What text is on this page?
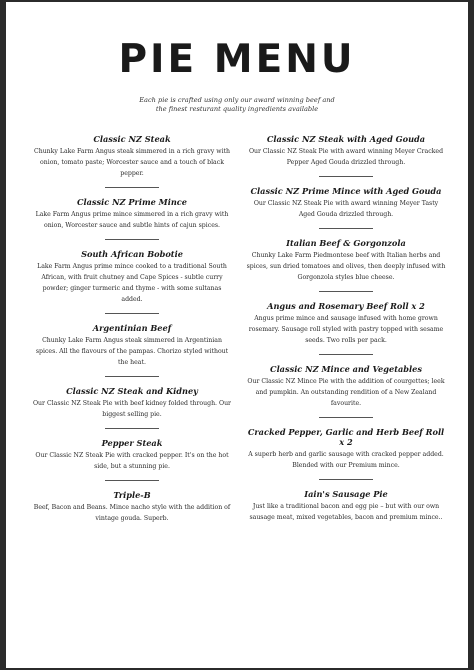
PIE MENU
Each pie is crafted using only our award winning beef and
the finest resturant quality ingredients available
Classic NZ Steak
Chunky Lake Farm Angus steak simmered in a rich gravy with onion, tomato paste; Worcester sauce and a touch of black pepper.
Classic NZ Prime Mince
Lake Farm Angus prime mince simmered in a rich gravy with onion, Worcester sauce and subtle hints of cajun spices.
South African Bobotie
Lake Farm Angus prime mince cooked to a traditional South African, with fruit chutney and Cape Spices - subtle curry powder; ginger turmeric and thyme - with some sultanas added.
Argentinian Beef
Chunky Lake Farm Angus steak simmered in Argentinian spices. All the flavours of the pampas. Chorizo styled without the heat.
Classic NZ Steak and Kidney
Our Classic NZ Steak Pie with beef kidney folded through. Our biggest selling pie.
Pepper Steak
Our Classic NZ Steak Pie with cracked pepper. It's on the hot side, but a stunning pie.
Triple-B
Beef, Bacon and Beans. Mince nacho style with the addition of vintage gouda. Superb.
Classic NZ Steak with Aged Gouda
Our Classic NZ Steak Pie with award winning Meyer Cracked Pepper Aged Gouda drizzled through.
Classic NZ Prime Mince with Aged Gouda
Our Classic NZ Steak Pie with award winning Meyer Tasty Aged Gouda drizzled through.
Italian Beef & Gorgonzola
Chunky Lake Farm Piedmontese beef with Italian herbs and spices, sun dried tomatoes and olives, then deeply infused with Gorgonzola styles blue cheese.
Angus and Rosemary Beef Roll x 2
Angus prime mince and sausage infused with home grown rosemary. Sausage roll styled with pastry topped with sesame seeds. Two rolls per pack.
Classic NZ Mince and Vegetables
Our Classic NZ Mince Pie with the addition of courgettes; leek and pumpkin. An outstanding rendition of a New Zealand favourite.
Cracked Pepper, Garlic and Herb Beef Roll x 2
A superb herb and garlic sausage with cracked pepper added. Blended with our Premium mince.
Iain's Sausage Pie
Just like a traditional bacon and egg pie – but with our own sausage meat, mixed vegetables, bacon and premium mince..
